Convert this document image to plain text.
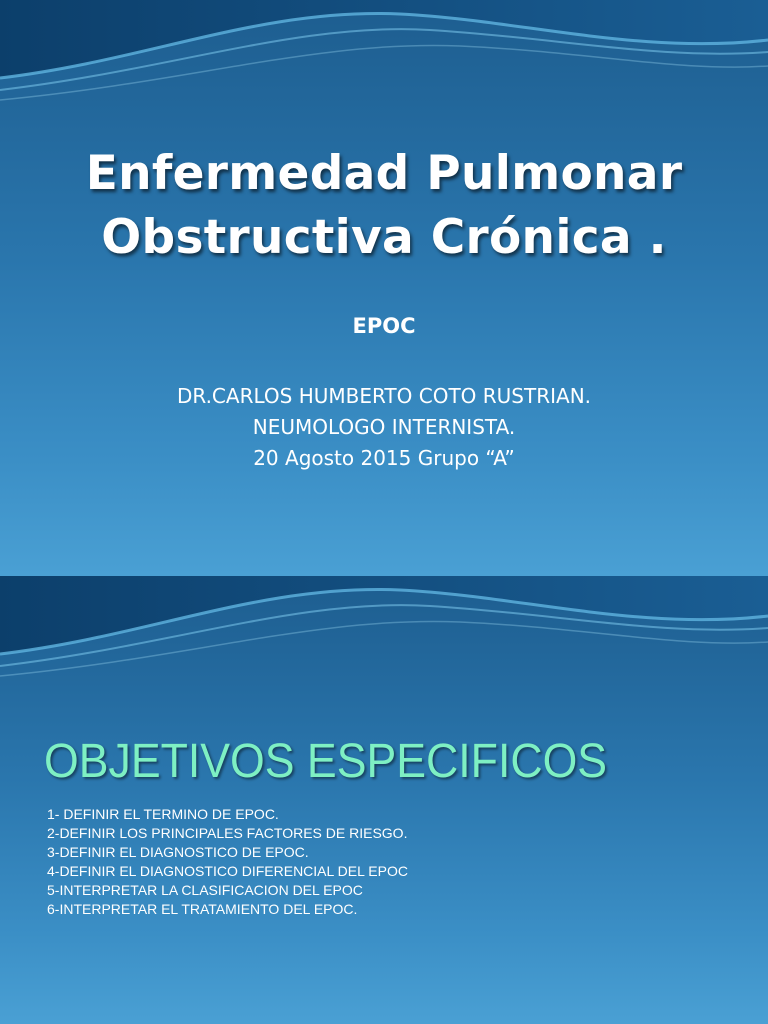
Enfermedad Pulmonar
Obstructiva Crónica .
EPOC
DR.CARLOS HUMBERTO COTO RUSTRIAN.
NEUMOLOGO INTERNISTA.
20 Agosto 2015 Grupo “A”
OBJETIVOS ESPECIFICOS
1- DEFINIR EL TERMINO DE EPOC.
2-DEFINIR LOS PRINCIPALES FACTORES DE RIESGO.
3-DEFINIR EL DIAGNOSTICO DE EPOC.
4-DEFINIR EL DIAGNOSTICO DIFERENCIAL DEL EPOC
5-INTERPRETAR LA CLASIFICACION DEL EPOC
6-INTERPRETAR EL TRATAMIENTO DEL EPOC.
